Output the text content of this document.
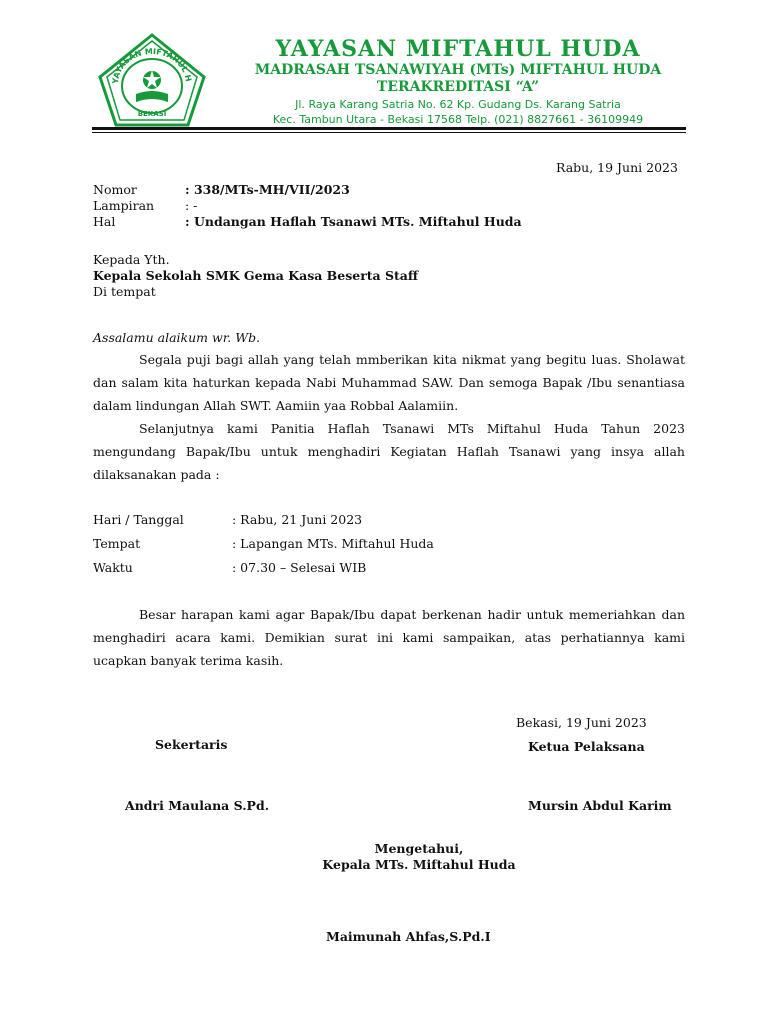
YAYASAN MIFTAHUL H
BEKASI
YAYASAN MIFTAHUL HUDA
MADRASAH TSANAWIYAH (MTs) MIFTAHUL HUDA
TERAKREDITASI “A”
Jl. Raya Karang Satria No. 62 Kp. Gudang Ds. Karang Satria
Kec. Tambun Utara - Bekasi 17568 Telp. (021) 8827661 - 36109949
Rabu, 19 Juni 2023
Nomor	: 338/MTs-MH/VII/2023
Lampiran : -
Hal	: Undangan Haflah Tsanawi MTs. Miftahul Huda
Kepada Yth.
Kepala Sekolah SMK Gema Kasa Beserta Staff
Di tempat
Assalamu alaikum wr. Wb.
Segala puji bagi allah yang telah mmberikan kita nikmat yang begitu luas. Sholawat dan salam kita haturkan kepada Nabi Muhammad SAW. Dan semoga Bapak /Ibu senantiasa dalam lindungan Allah SWT. Aamiin yaa Robbal Aalamiin.
Selanjutnya kami Panitia Haflah Tsanawi MTs Miftahul Huda Tahun 2023 mengundang Bapak/Ibu untuk menghadiri Kegiatan Haflah Tsanawi yang insya allah dilaksanakan pada :
Hari / Tanggal	: Rabu, 21 Juni 2023
Tempat	: Lapangan MTs. Miftahul Huda
Waktu	: 07.30 – Selesai WIB
Besar harapan kami agar Bapak/Ibu dapat berkenan hadir untuk memeriahkan dan menghadiri acara kami. Demikian surat ini kami sampaikan, atas perhatiannya kami ucapkan banyak terima kasih.
Bekasi, 19 Juni 2023
Sekertaris	Ketua Pelaksana
Andri Maulana S.Pd.	Mursin Abdul Karim
Mengetahui,
Kepala MTs. Miftahul Huda
Maimunah Ahfas,S.Pd.I
